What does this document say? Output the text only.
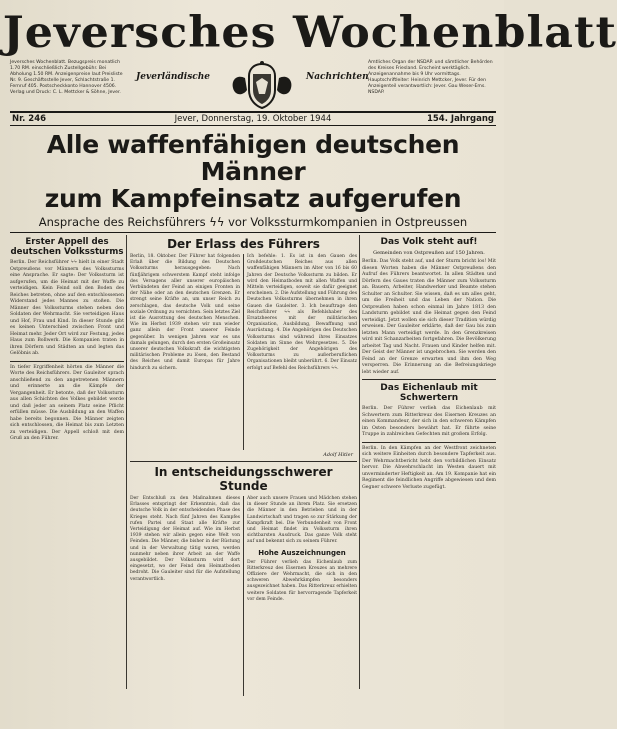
Jeversches Wochenblatt
Jeversches Wochenblatt. Bezugspreis monatlich 1.70 RM. einschließlich Zustellgebühr. Bei Abholung 1.50 RM. Anzeigenpreise laut Preisliste Nr. 9. Geschäftsstelle Jever, Schlachtstraße 1. Fernruf 405. Postscheckkonto Hannover 4506. Verlag und Druck: C. L. Mettcker & Söhne, Jever.
Jeverländische	Nachrichten
Amtliches Organ der NSDAP. und sämtlicher Behörden des Kreises Friesland. Erscheint werktäglich. Anzeigenannahme bis 9 Uhr vormittags. Hauptschriftleiter: Heinrich Mettcker, Jever. Für den Anzeigenteil verantwortlich: Jever. Gau Weser-Ems. NSDAP.
Nr. 246	Jever, Donnerstag, 19. Oktober 1944	154. Jahrgang
Alle waffenfähigen deutschen Männer
zum Kampfeinsatz aufgerufen
Ansprache des Reichsführers ϟϟ vor Volkssturmkompanien in Ostpreussen
Erster Appell des deutschen Volkssturms
Berlin. Der Reichsführer ϟϟ hielt in einer Stadt Ostpreußens vor Männern des Volkssturms eine Ansprache. Er sagte: Der Volkssturm ist aufgerufen, um die Heimat mit der Waffe zu verteidigen. Kein Feind soll den Boden des Reiches betreten, ohne auf den entschlossenen Widerstand jedes Mannes zu stoßen. Die Männer des Volkssturms stehen neben den Soldaten der Wehrmacht. Sie verteidigen Haus und Hof, Frau und Kind. In dieser Stunde gibt es keinen Unterschied zwischen Front und Heimat mehr. Jeder Ort wird zur Festung, jedes Haus zum Bollwerk. Die Kompanien traten in ihren Dörfern und Städten an und legten das Gelöbnis ab.
In tiefer Ergriffenheit hörten die Männer die Worte des Reichsführers. Der Gauleiter sprach anschließend zu den angetretenen Männern und erinnerte an die Kämpfe der Vergangenheit. Er betonte, daß der Volkssturm aus allen Schichten des Volkes gebildet werde und daß jeder an seinem Platz seine Pflicht erfüllen müsse. Die Ausbildung an den Waffen habe bereits begonnen. Die Männer zeigten sich entschlossen, die Heimat bis zum Letzten zu verteidigen. Der Appell schloß mit dem Gruß an den Führer.
Der Erlass des Führers
Berlin, 18. Oktober. Der Führer hat folgenden Erlaß über die Bildung des Deutschen Volkssturms herausgegeben: Nach fünfjährigem schwerstem Kampf steht infolge des Versagens aller unserer europäischen Verbündeten der Feind an einigen Fronten in der Nähe oder an den deutschen Grenzen. Er strengt seine Kräfte an, um unser Reich zu zerschlagen, das deutsche Volk und seine soziale Ordnung zu vernichten. Sein letztes Ziel ist die Ausrottung des deutschen Menschen. Wie im Herbst 1939 stehen wir nun wieder ganz allein der Front unserer Feinde gegenüber. In wenigen Jahren war es uns damals gelungen, durch den ersten Großeinsatz unserer deutschen Volkskraft die wichtigsten militärischen Probleme zu lösen, den Bestand des Reiches und damit Europas für Jahre hindurch zu sichern.
Ich befehle: 1. Es ist in den Gauen des Großdeutschen Reiches aus allen waffenfähigen Männern im Alter von 16 bis 60 Jahren der Deutsche Volkssturm zu bilden. Er wird den Heimatboden mit allen Waffen und Mitteln verteidigen, soweit sie dafür geeignet erscheinen. 2. Die Aufstellung und Führung des Deutschen Volkssturms übernehmen in ihren Gauen die Gauleiter. 3. Ich beauftrage den Reichsführer ϟϟ als Befehlshaber des Ersatzheeres mit der militärischen Organisation, Ausbildung, Bewaffnung und Ausrüstung. 4. Die Angehörigen des Deutschen Volkssturms sind während ihres Einsatzes Soldaten im Sinne des Wehrgesetzes. 5. Die Zugehörigkeit der Angehörigen des Volkssturms zu außerberuflichen Organisationen bleibt unberührt. 6. Der Einsatz erfolgt auf Befehl des Reichsführers ϟϟ.
Adolf Hitler
In entscheidungsschwerer Stunde
Der Entschluß zu den Maßnahmen dieses Erlasses entspringt der Erkenntnis, daß das deutsche Volk in der entscheidenden Phase des Krieges steht. Nach fünf Jahren des Kampfes rufen Partei und Staat alle Kräfte zur Verteidigung der Heimat auf. Wie im Herbst 1939 stehen wir allein gegen eine Welt von Feinden. Die Männer, die bisher in der Rüstung und in der Verwaltung tätig waren, werden nunmehr neben ihrer Arbeit an der Waffe ausgebildet. Der Volkssturm wird dort eingesetzt, wo der Feind den Heimatboden bedroht. Die Gauleiter sind für die Aufstellung verantwortlich.
Aber auch unsere Frauen und Mädchen stehen in dieser Stunde an ihrem Platz. Sie ersetzen die Männer in den Betrieben und in der Landwirtschaft und tragen so zur Stärkung der Kampfkraft bei. Die Verbundenheit von Front und Heimat findet im Volkssturm ihren sichtbarsten Ausdruck. Das ganze Volk steht auf und bekennt sich zu seinem Führer.
Hohe Auszeichnungen
Der Führer verlieh das Eichenlaub zum Ritterkreuz des Eisernen Kreuzes an mehrere Offiziere der Wehrmacht, die sich in den schweren Abwehrkämpfen besonders ausgezeichnet haben. Das Ritterkreuz erhielten weitere Soldaten für hervorragende Tapferkeit vor dem Feinde.
Das Volk steht auf!
Gemeinden von Ostpreußen auf 150 Jahren.
Berlin. Das Volk steht auf, und der Sturm bricht los! Mit diesen Worten haben die Männer Ostpreußens den Aufruf des Führers beantwortet. In allen Städten und Dörfern des Gaues traten die Männer zum Volkssturm an. Bauern, Arbeiter, Handwerker und Beamte stehen Schulter an Schulter. Sie wissen, daß es um alles geht, um die Freiheit und das Leben der Nation. Die Ostpreußen haben schon einmal im Jahre 1813 den Landsturm gebildet und die Heimat gegen den Feind verteidigt. Jetzt wollen sie sich dieser Tradition würdig erweisen. Der Gauleiter erklärte, daß der Gau bis zum letzten Mann verteidigt werde. In den Grenzkreisen wird mit Schanzarbeiten fortgefahren. Die Bevölkerung arbeitet Tag und Nacht. Frauen und Kinder helfen mit. Der Geist der Männer ist ungebrochen. Sie werden den Feind an der Grenze erwarten und ihm den Weg versperren. Die Erinnerung an die Befreiungskriege lebt wieder auf.
Das Eichenlaub mit Schwertern
Berlin. Der Führer verlieh das Eichenlaub mit Schwertern zum Ritterkreuz des Eisernen Kreuzes an einen Kommandeur, der sich in den schweren Kämpfen im Osten besonders bewährt hat. Er führte seine Truppe in zahlreichen Gefechten mit großem Erfolg.
Berlin. In den Kämpfen an der Westfront zeichneten sich weitere Einheiten durch besondere Tapferkeit aus. Der Wehrmachtbericht hebt den vorbildlichen Einsatz hervor. Die Abwehrschlacht im Westen dauert mit unverminderter Heftigkeit an. Am 19. Kompanie hat ein Regiment die feindlichen Angriffe abgewiesen und dem Gegner schwere Verluste zugefügt.
